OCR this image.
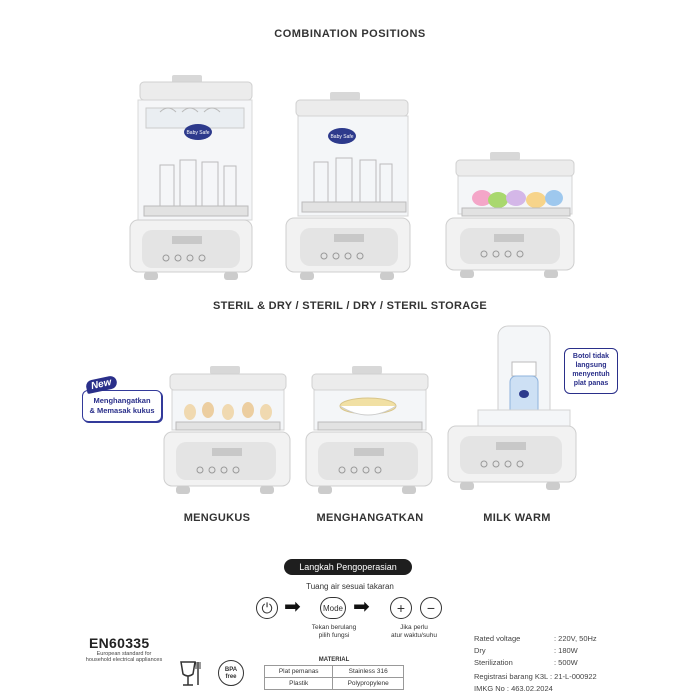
COMBINATION POSITIONS
Baby Safe
Baby Safe
STERIL & DRY / STERIL / DRY / STERIL STORAGE
Menghangatkan
& Memasak kukus
New
Botol tidak
langsung
menyentuh
plat panas
MENGUKUS	MENGHANGATKAN	MILK WARM
Langkah Pengoperasian
Tuang air sesuai takaran
⏻ ➡	Mode ➡	+	−
Tekan berulang
pilih fungsi
Jika perlu
atur waktu/suhu
EN60335
European standard for
household electrical appliances
BPA free
MATERIAL	
Plat pemanas	Stainless 316
Plastik	Polypropylene
Rated voltage	: 220V, 50Hz
Dry	: 180W
Sterilization	: 500W
Registrasi barang K3L : 21-L-000922
IMKG No : 463.02.2024
